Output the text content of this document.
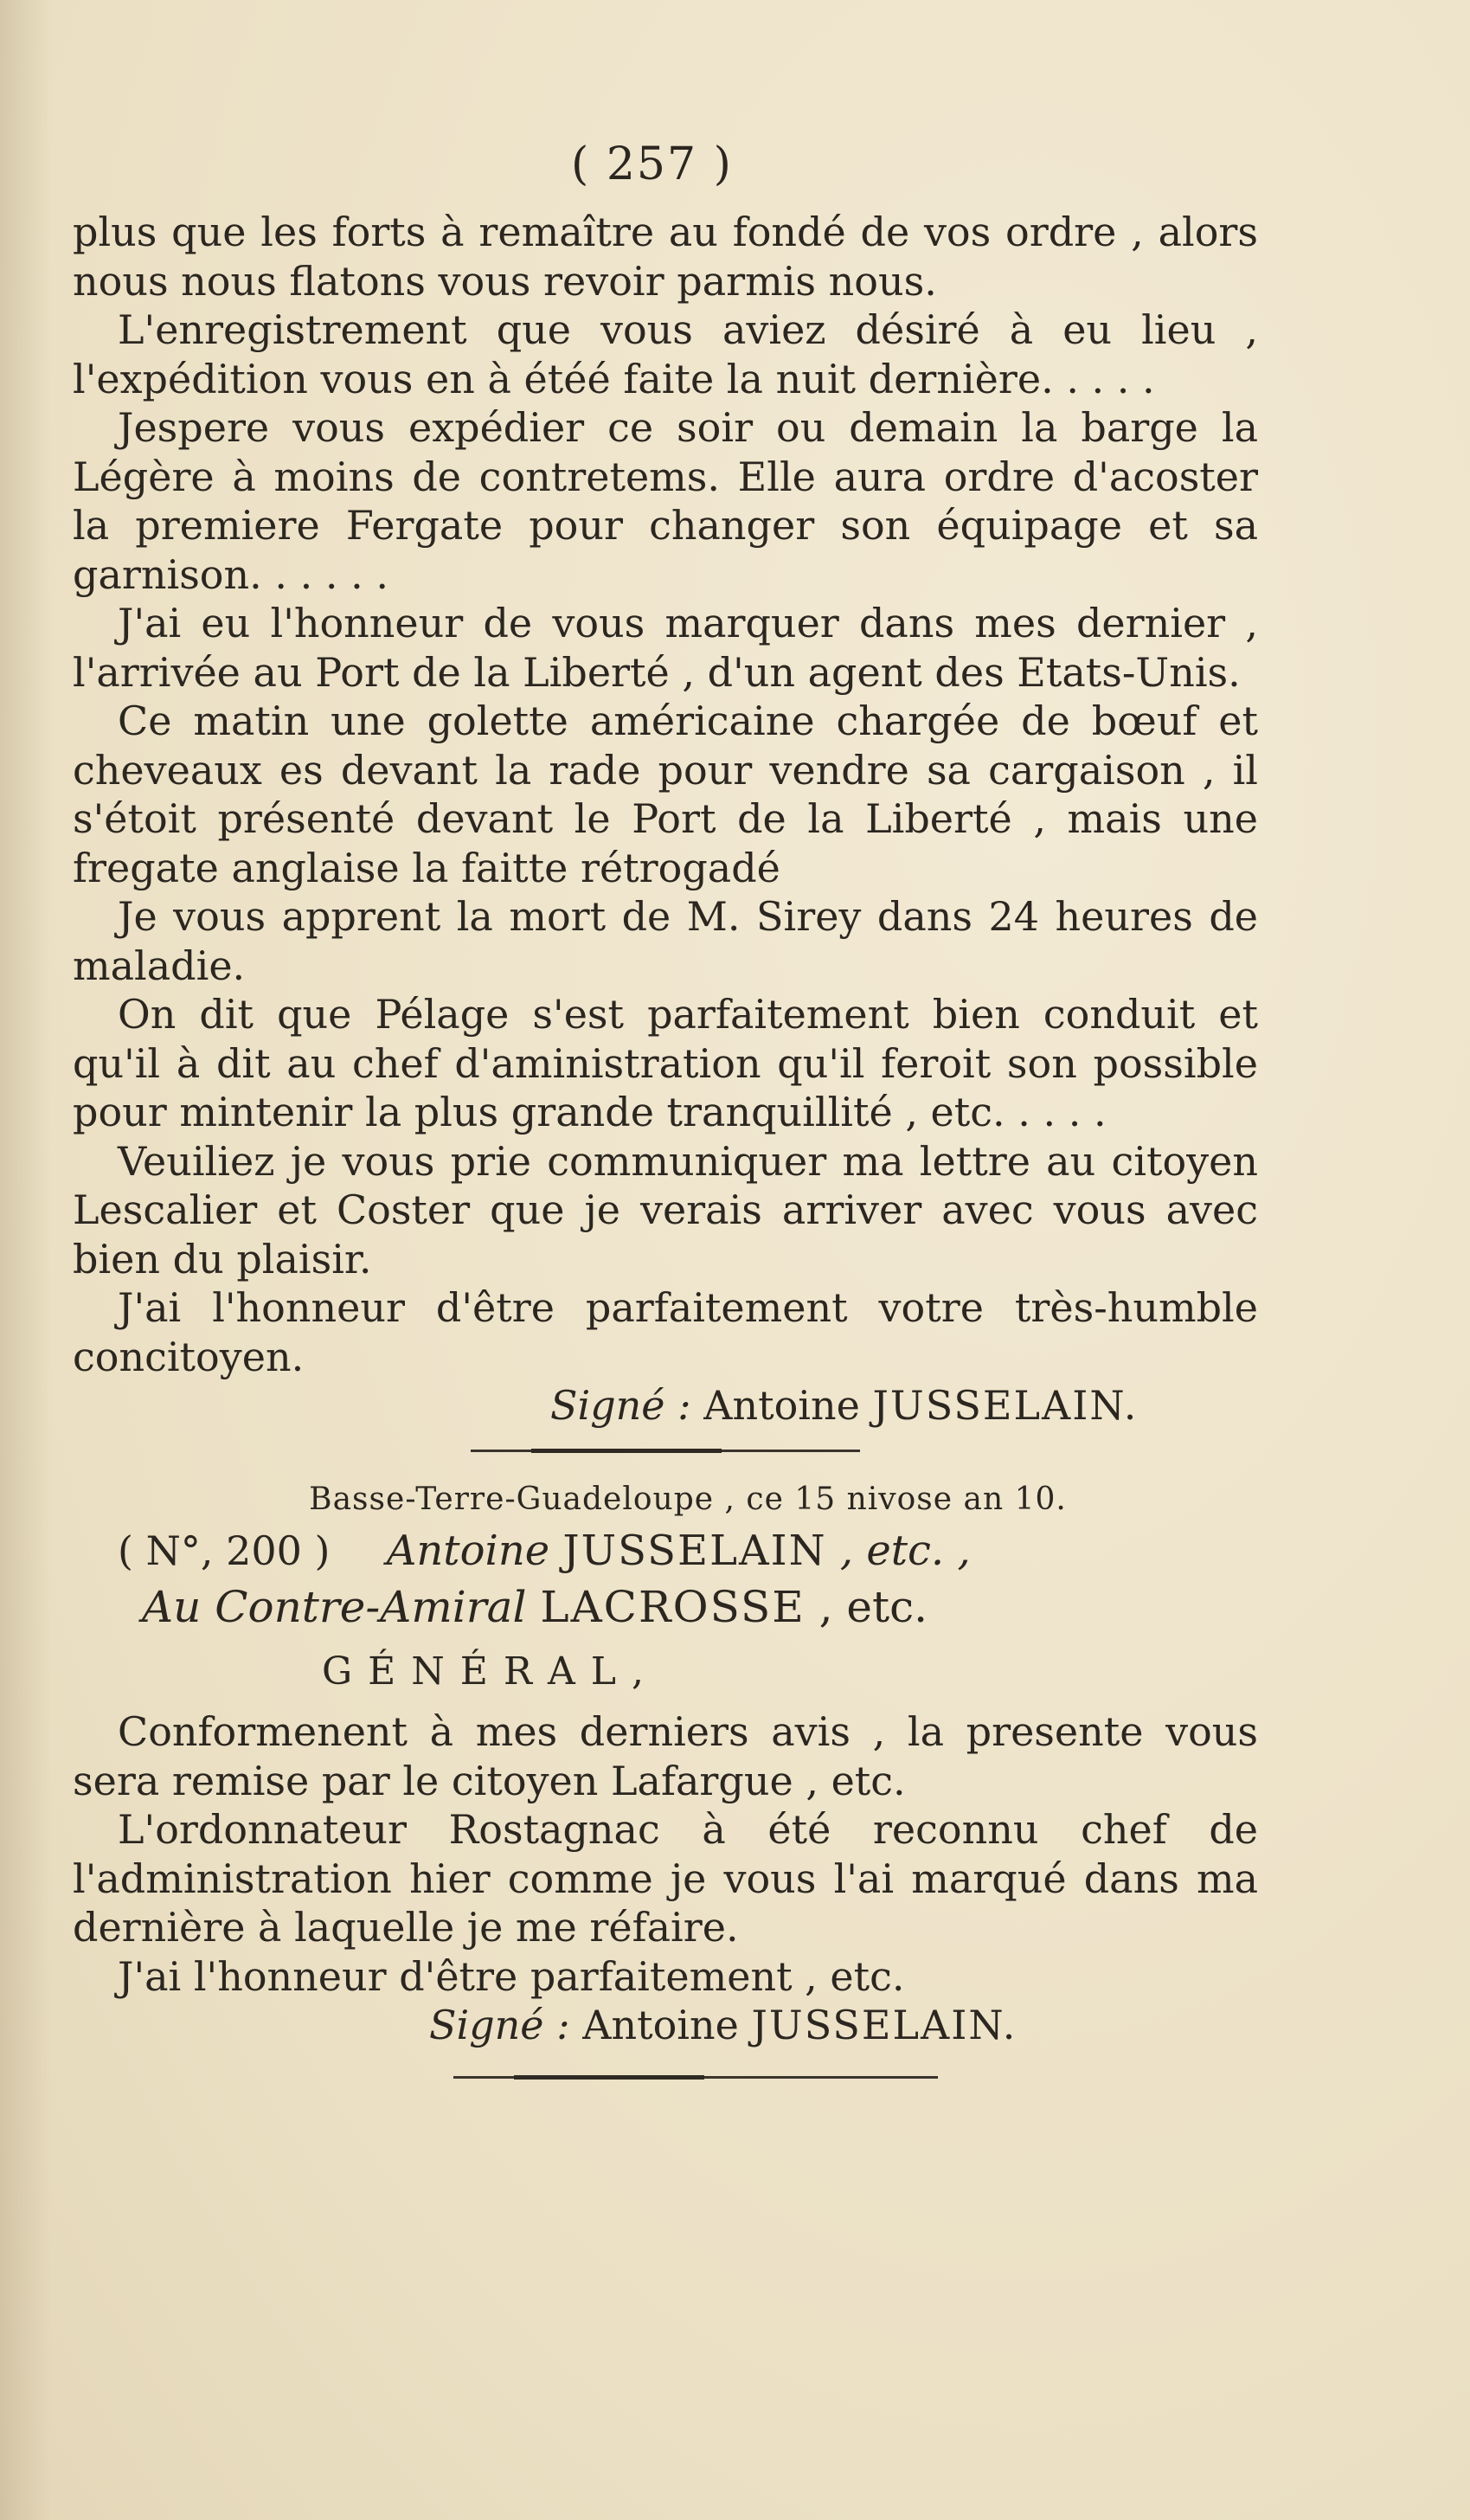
( 257 )

plus que les forts à remaître au fondé de vos ordre , alors nous nous flatons vous revoir parmis nous.

L'enregistrement que vous aviez désiré à eu lieu , l'expédition vous en à étéé faite la nuit dernière. . . . .

Jespere vous expédier ce soir ou demain la barge la Légère à moins de contretems. Elle aura ordre d'acoster la premiere Fergate pour changer son équipage et sa garnison. . . . . .

J'ai eu l'honneur de vous marquer dans mes dernier , l'arrivée au Port de la Liberté , d'un agent des Etats-Unis.

Ce matin une golette américaine chargée de bœuf et cheveaux es devant la rade pour vendre sa cargaison , il s'étoit présenté devant le Port de la Liberté , mais une fregate anglaise la faitte rétrogadé

Je vous apprent la mort de M. Sirey dans 24 heures de maladie.

On dit que Pélage s'est parfaitement bien conduit et qu'il à dit au chef d'aministration qu'il feroit son possible pour mintenir la plus grande tranquillité , etc. . . . .

Veuiliez je vous prie communiquer ma lettre au citoyen Lescalier et Coster que je verais arriver avec vous avec bien du plaisir.

J'ai l'honneur d'être parfaitement votre très-humble concitoyen.

Signé : Antoine JUSSELAIN.

Basse-Terre-Guadeloupe , ce 15 nivose an 10.

( N°, 200 ) Antoine JUSSELAIN , etc. ,

Au Contre-Amiral LACROSSE , etc.

GÉNÉRAL,

Conformenent à mes derniers avis , la presente vous sera remise par le citoyen Lafargue , etc.

L'ordonnateur Rostagnac à été reconnu chef de l'administration hier comme je vous l'ai marqué dans ma dernière à laquelle je me réfaire.

J'ai l'honneur d'être parfaitement , etc.

Signé : Antoine JUSSELAIN.
